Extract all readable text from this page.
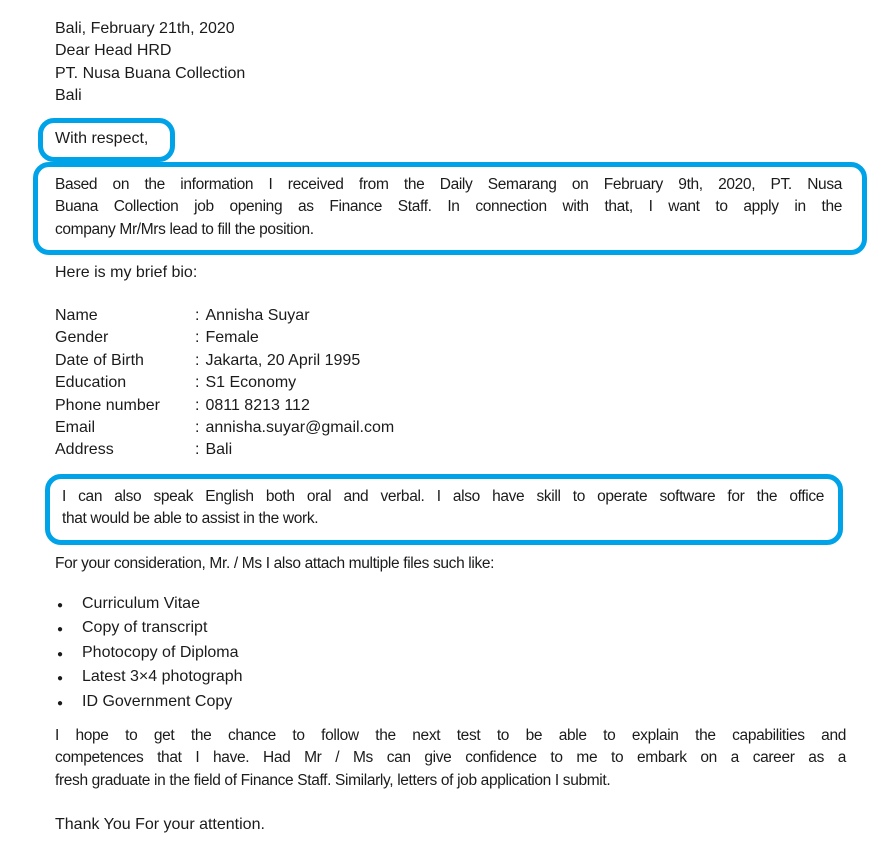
Bali, February 21th, 2020
Dear Head HRD
PT. Nusa Buana Collection
Bali
With respect,
Based on the information I received from the Daily Semarang on February 9th, 2020, PT. Nusa
Buana Collection job opening as Finance Staff. In connection with that, I want to apply in the
company Mr/Mrs lead to fill the position.
Here is my brief bio:
Name	: Annisha Suyar
Gender	: Female
Date of Birth	: Jakarta, 20 April 1995
Education	: S1 Economy
Phone number	: 0811 8213 112
Email	: annisha.suyar@gmail.com
Address	: Bali
I can also speak English both oral and verbal. I also have skill to operate software for the office
that would be able to assist in the work.
For your consideration, Mr. / Ms I also attach multiple files such like:
●	Curriculum Vitae
●	Copy of transcript
●	Photocopy of Diploma
●	Latest 3×4 photograph
●	ID Government Copy
I hope to get the chance to follow the next test to be able to explain the capabilities and
competences that I have. Had Mr / Ms can give confidence to me to embark on a career as a
fresh graduate in the field of Finance Staff. Similarly, letters of job application I submit.
Thank You For your attention.
